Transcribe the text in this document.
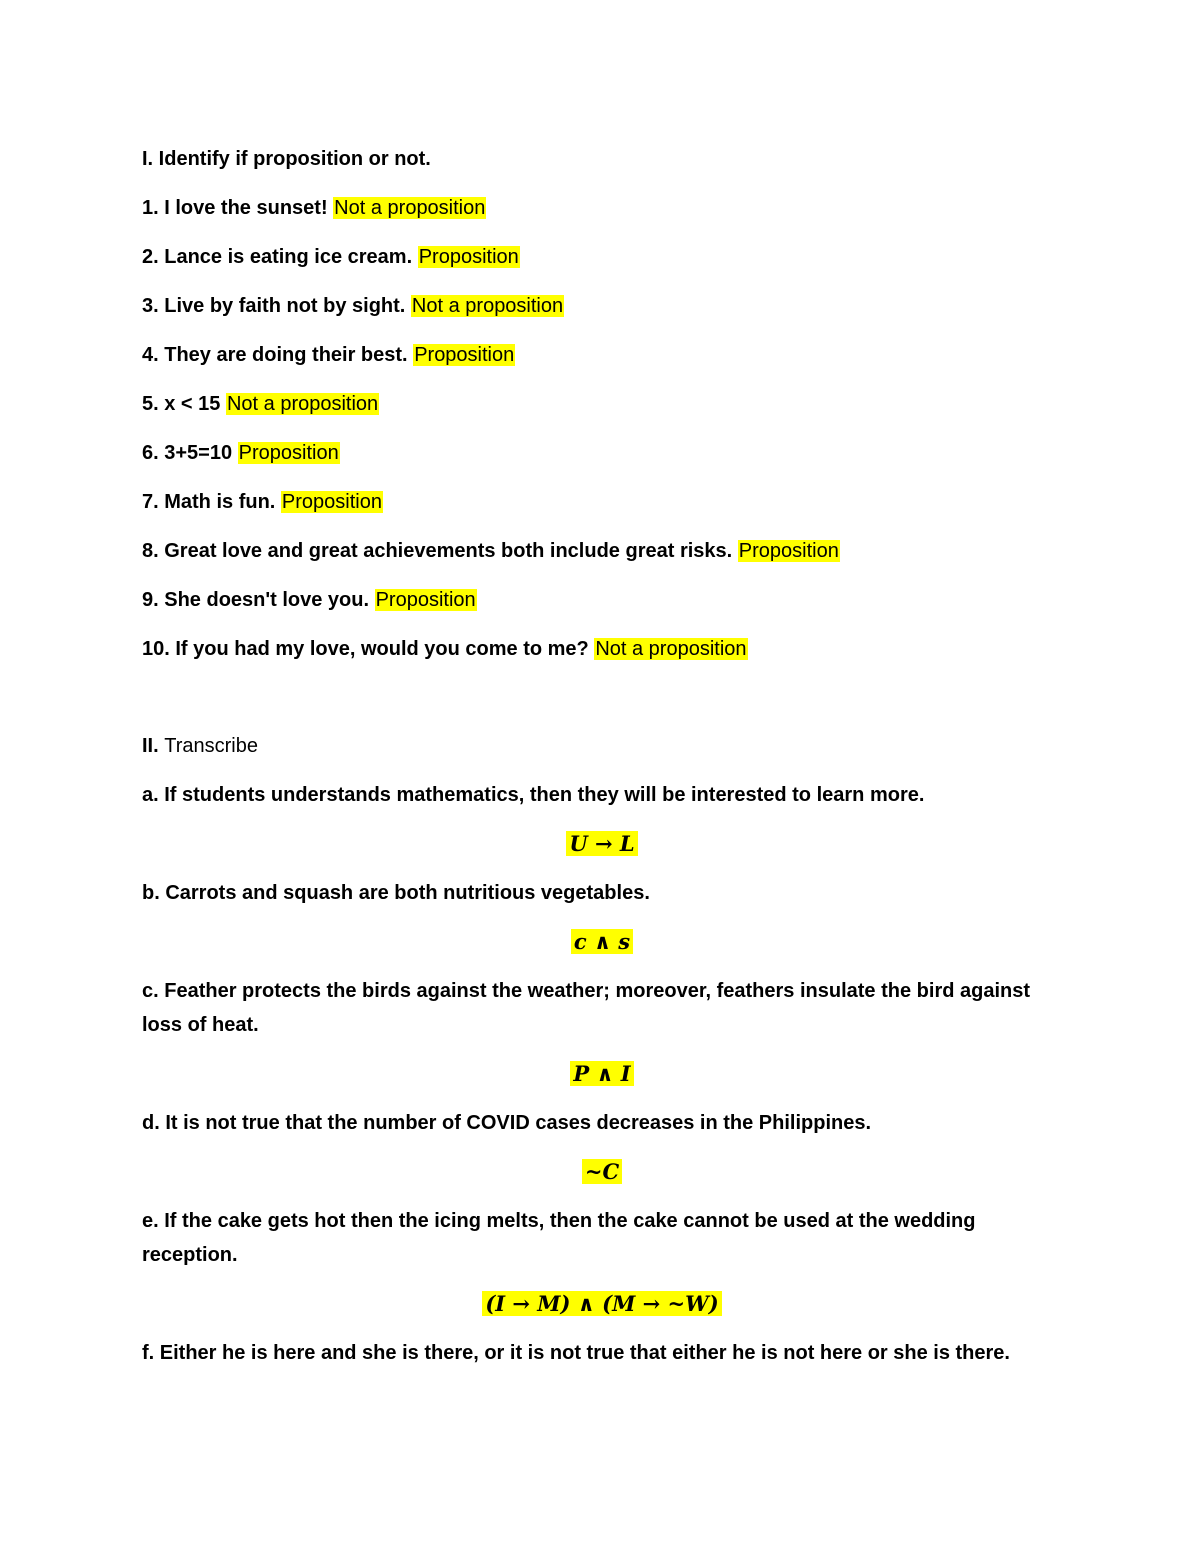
I. Identify if proposition or not.
1. I love the sunset! Not a proposition
2. Lance is eating ice cream. Proposition
3. Live by faith not by sight. Not a proposition
4. They are doing their best. Proposition
5. x < 15 Not a proposition
6. 3+5=10 Proposition
7. Math is fun. Proposition
8. Great love and great achievements both include great risks. Proposition
9. She doesn't love you. Proposition
10. If you had my love, would you come to me? Not a proposition
II. Transcribe
a. If students understands mathematics, then they will be interested to learn more.
U → L
b. Carrots and squash are both nutritious vegetables.
c ∧ s
c. Feather protects the birds against the weather; moreover, feathers insulate the bird against loss of heat.
P ∧ I
d. It is not true that the number of COVID cases decreases in the Philippines.
~C
e. If the cake gets hot then the icing melts, then the cake cannot be used at the wedding reception.
(I → M) ∧ (M → ~W)
f. Either he is here and she is there, or it is not true that either he is not here or she is there.
